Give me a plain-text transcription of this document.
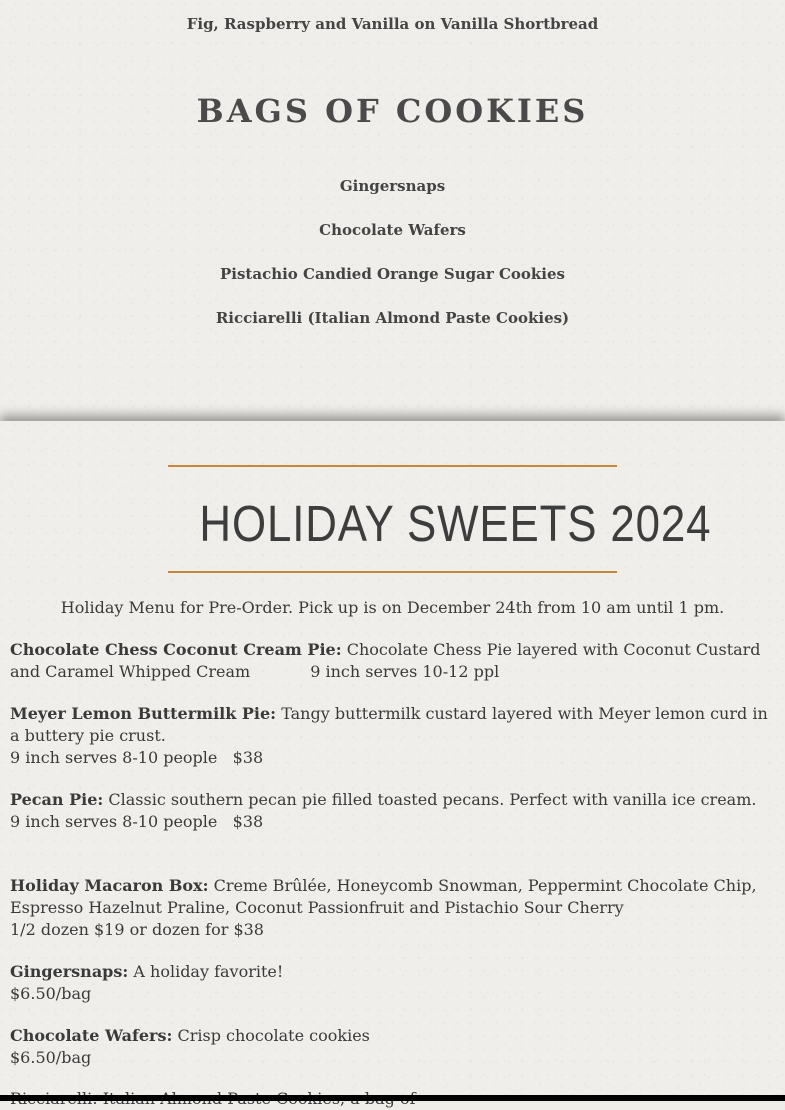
Fig, Raspberry and Vanilla on Vanilla Shortbread
BAGS OF COOKIES
Gingersnaps
Chocolate Wafers
Pistachio Candied Orange Sugar Cookies
Ricciarelli (Italian Almond Paste Cookies)
HOLIDAY SWEETS 2024
Holiday Menu for Pre-Order. Pick up is on December 24th from 10 am until 1 pm.
Chocolate Chess Coconut Cream Pie: Chocolate Chess Pie layered with Coconut Custard and Caramel Whipped Cream	9 inch serves 10-12 ppl
Meyer Lemon Buttermilk Pie: Tangy buttermilk custard layered with Meyer lemon curd in a buttery pie crust.
9 inch serves 8-10 people   $38
Pecan Pie: Classic southern pecan pie filled toasted pecans. Perfect with vanilla ice cream.
9 inch serves 8-10 people   $38
Holiday Macaron Box: Creme Brûlée, Honeycomb Snowman, Peppermint Chocolate Chip, Espresso Hazelnut Praline, Coconut Passionfruit and Pistachio Sour Cherry
1/2 dozen $19 or dozen for $38
Gingersnaps: A holiday favorite!
$6.50/bag
Chocolate Wafers: Crisp chocolate cookies
$6.50/bag
